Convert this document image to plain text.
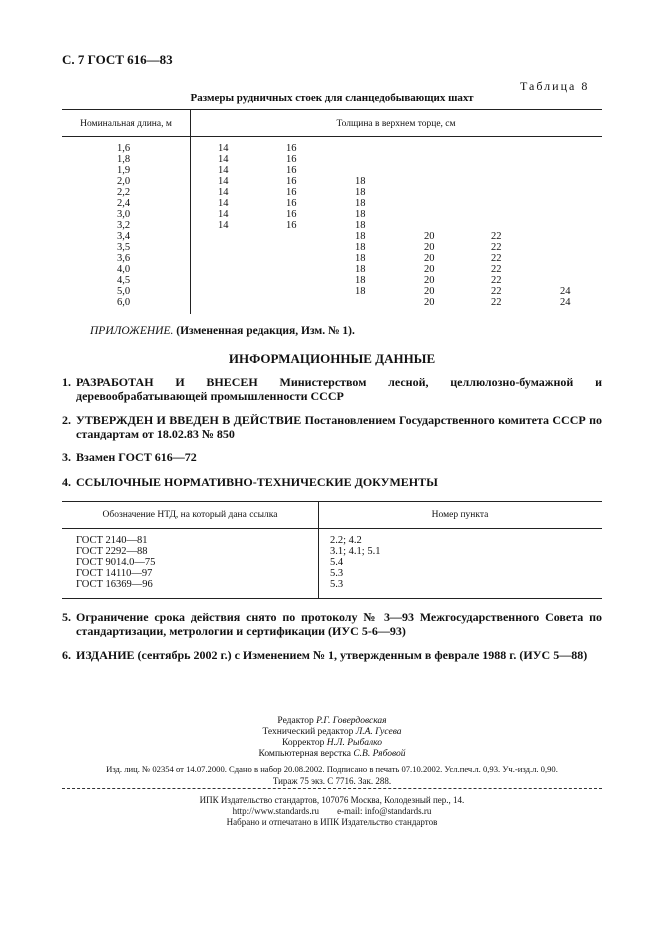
С. 7 ГОСТ 616—83
Таблица 8
Размеры рудничных стоек для сланцедобывающих шахт
Номинальная длина, м	Толщина в верхнем торце, см
1,6
1,8
1,9
2,0
2,2
2,4
3,0
3,2
3,4
3,5
3,6
4,0
4,5
5,0
6,0
14
14
14
14
14
14
14
14
16
16
16
16
16
16
16
16
18
18
18
18
18
18
18
18
18
18
18
20
20
20
20
20
20
20
22
22
22
22
22
22
22
24
24
ПРИЛОЖЕНИЕ. (Измененная редакция, Изм. № 1).
ИНФОРМАЦИОННЫЕ ДАННЫЕ
1. РАЗРАБОТАН И ВНЕСЕН Министерством лесной, целлюлозно-бумажной и деревообрабатывающей промышленности СССР
2. УТВЕРЖДЕН И ВВЕДЕН В ДЕЙСТВИЕ Постановлением Государственного комитета СССР по стандартам от 18.02.83 № 850
3. Взамен ГОСТ 616—72
4. ССЫЛОЧНЫЕ НОРМАТИВНО-ТЕХНИЧЕСКИЕ ДОКУМЕНТЫ
Обозначение НТД, на который дана ссылка	Номер пункта
ГОСТ 2140—81
ГОСТ 2292—88
ГОСТ 9014.0—75
ГОСТ 14110—97
ГОСТ 16369—96
2.2; 4.2
3.1; 4.1; 5.1
5.4
5.3
5.3
5. Ограничение срока действия снято по протоколу № 3—93 Межгосударственного Совета по стандартизации, метрологии и сертификации (ИУС 5-6—93)
6. ИЗДАНИЕ (сентябрь 2002 г.) с Изменением № 1, утвержденным в феврале 1988 г. (ИУС 5—88)
Редактор Р.Г. Говердовская
Технический редактор Л.А. Гусева
Корректор Н.Л. Рыбалко
Компьютерная верстка С.В. Рябовой
Изд. лиц. № 02354 от 14.07.2000. Сдано в набор 20.08.2002. Подписано в печать 07.10.2002. Усл.печ.л. 0,93. Уч.-изд.л. 0,90.
Тираж 75 экз. С 7716. Зак. 288.
ИПК Издательство стандартов, 107076 Москва, Колодезный пер., 14.
http://www.standards.ru e-mail: info@standards.ru
Набрано и отпечатано в ИПК Издательство стандартов
